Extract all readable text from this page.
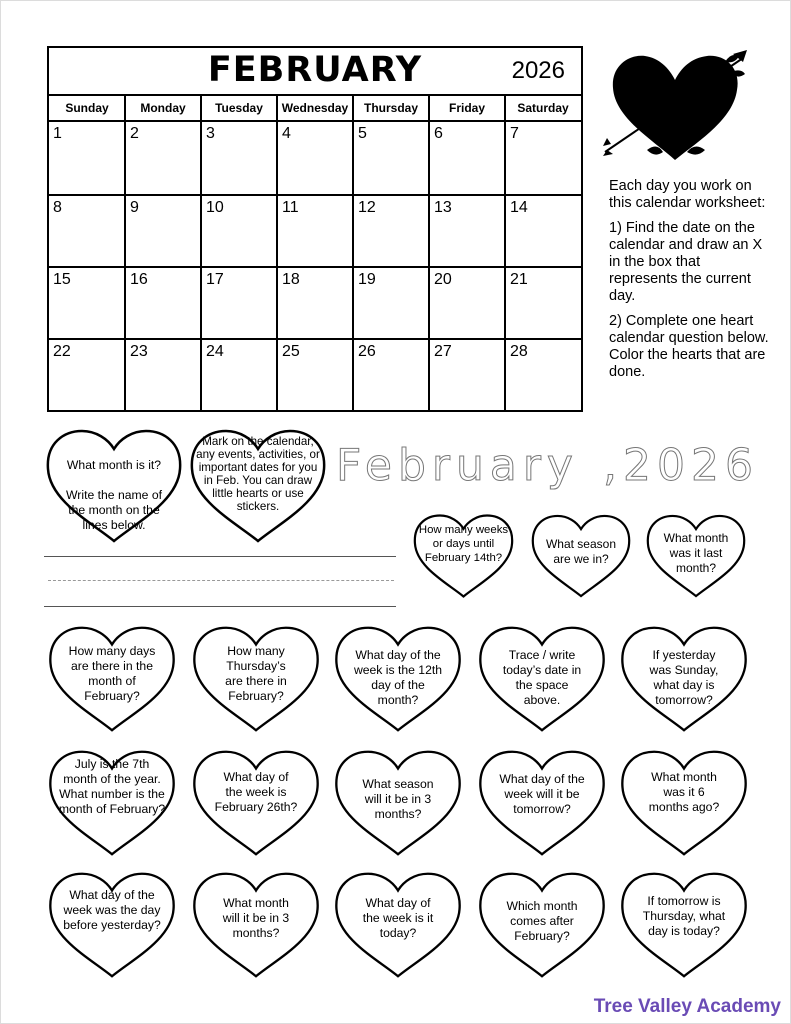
FEBRUARY	2026
Sunday	Monday	Tuesday	Wednesday	Thursday	Friday	Saturday
1	2	3	4	5	6	7
8	9	10	11	12	13	14
15	16	17	18	19	20	21
22	23	24	25	26	27	28

Each day you work on this calendar worksheet:

1) Find the date on the calendar and draw an X in the box that represents the current day.

2) Complete one heart calendar question below. Color the hearts that are done.

What month is it?

Write the name of the month on the lines below.
Mark on the calendar, any events, activities, or important dates for you in Feb. You can draw little hearts or use stickers.
February ,2026
How many weeks or days until February 14th?
What season are we in?
What month was it last month?
How many days are there in the month of February?
How many Thursday’s are there in February?
What day of the week is the 12th day of the month?
Trace / write today’s date in the space above.
If yesterday was Sunday, what day is tomorrow?
July is the 7th month of the year. What number is the month of February?
What day of the week is February 26th?
What season will it be in 3 months?
What day of the week will it be tomorrow?
What month was it 6 months ago?
What day of the week was the day before yesterday?
What month will it be in 3 months?
What day of the week is it today?
Which month comes after February?
If tomorrow is Thursday, what day is today?
Tree Valley Academy
